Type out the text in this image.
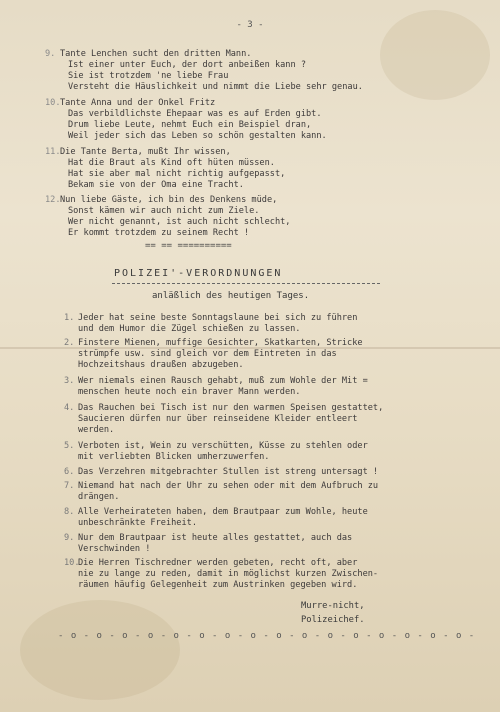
- 3 -
9. Tante Lenchen sucht den dritten Mann.
Ist einer unter Euch, der dort anbeißen kann ?
Sie ist trotzdem 'ne liebe Frau
Versteht die Häuslichkeit und nimmt die Liebe sehr genau.
10. Tante Anna und der Onkel Fritz
Das verbildlichste Ehepaar was es auf Erden gibt.
Drum liebe Leute, nehmt Euch ein Beispiel dran,
Weil jeder sich das Leben so schön gestalten kann.
11. Die Tante Berta, mußt Ihr wissen,
Hat die Braut als Kind oft hüten müssen.
Hat sie aber mal nicht richtig aufgepasst,
Bekam sie von der Oma eine Tracht.
12. Nun liebe Gäste, ich bin des Denkens müde,
Sonst kämen wir auch nicht zum Ziele.
Wer nicht genannt, ist auch nicht schlecht,
Er kommt trotzdem zu seinem Recht !
== == ==========
POLIZEI'-VERORDNUNGEN
anläßlich des heutigen Tages.
1. Jeder hat seine beste Sonntagslaune bei sich zu führen
und dem Humor die Zügel schießen zu lassen.
2. Finstere Mienen, muffige Gesichter, Skatkarten, Stricke
strümpfe usw. sind gleich vor dem Eintreten in das
Hochzeitshaus draußen abzugeben.
3. Wer niemals einen Rausch gehabt, muß zum Wohle der Mit =
menschen heute noch ein braver Mann werden.
4. Das Rauchen bei Tisch ist nur den warmen Speisen gestattet,
Saucieren dürfen nur über reinseidene Kleider entleert
werden.
5. Verboten ist, Wein zu verschütten, Küsse zu stehlen oder
mit verliebten Blicken umherzuwerfen.
6. Das Verzehren mitgebrachter Stullen ist streng untersagt !
7. Niemand hat nach der Uhr zu sehen oder mit dem Aufbruch zu
drängen.
8. Alle Verheirateten haben, dem Brautpaar zum Wohle, heute
unbeschränkte Freiheit.
9. Nur dem Brautpaar ist heute alles gestattet, auch das
Verschwinden !
10.
Die Herren Tischredner werden gebeten, recht oft, aber
nie zu lange zu reden, damit in möglichst kurzen Zwischen-
räumen häufig Gelegenheit zum Austrinken gegeben wird.
Murre-nicht,
Polizeichef.
- o - o - o - o - o - o - o - o - o - o - o - o - o - o - o - o -
